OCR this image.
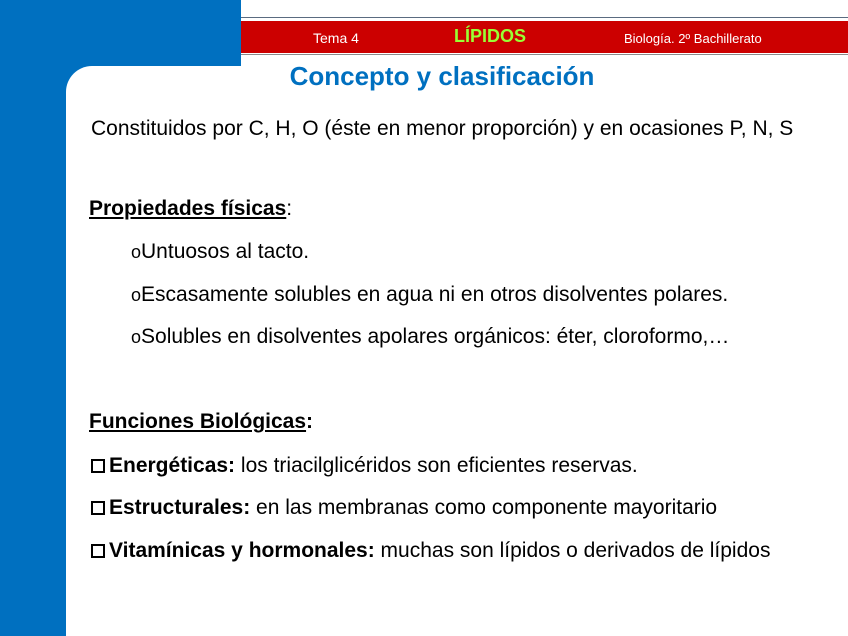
Tema 4	LÍPIDOS	Biología. 2º Bachillerato
Concepto y clasificación
Constituidos por C, H, O (éste en menor proporción) y en ocasiones P, N, S
Propiedades físicas:
oUntuosos al tacto.
oEscasamente solubles en agua ni en otros disolventes polares.
oSolubles en disolventes apolares orgánicos: éter, cloroformo,…
Funciones Biológicas:
Energéticas: los triacilglicéridos son eficientes reservas.
Estructurales: en las membranas como componente mayoritario
Vitamínicas y hormonales: muchas son lípidos o derivados de lípidos
